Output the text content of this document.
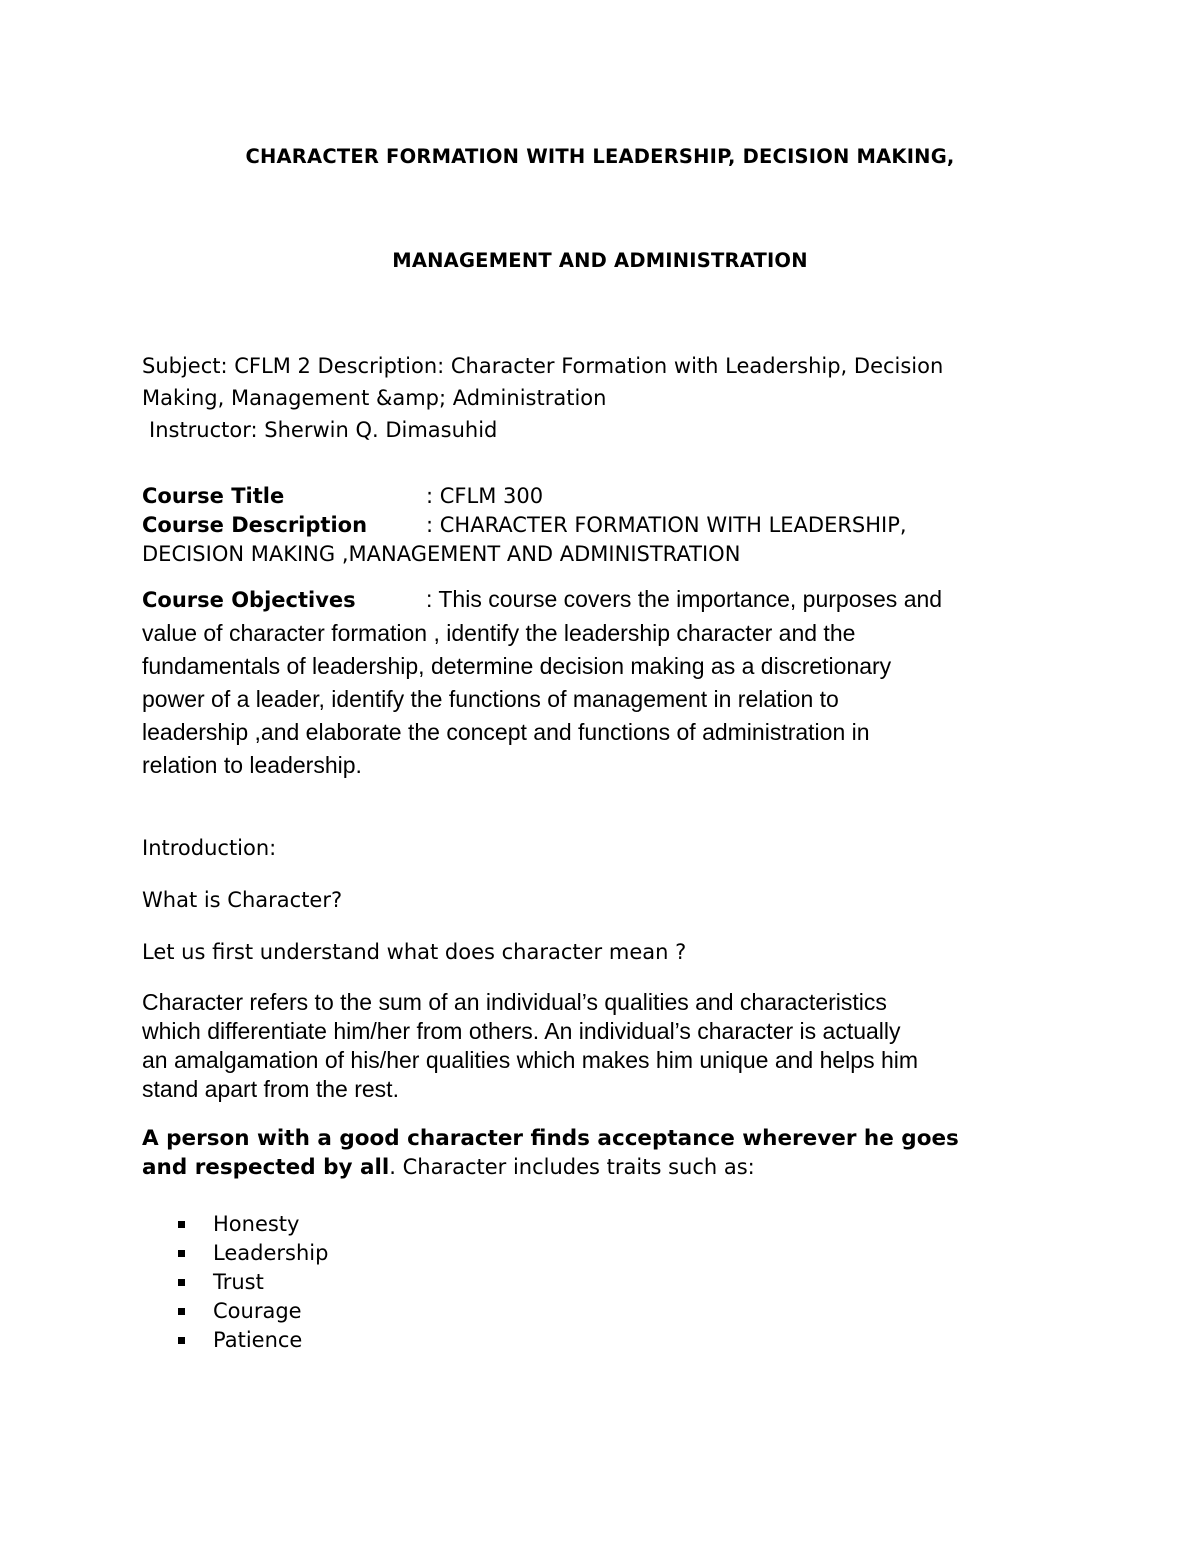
CHARACTER FORMATION WITH LEADERSHIP, DECISION MAKING,
MANAGEMENT AND ADMINISTRATION
Subject: CFLM 2 Description: Character Formation with Leadership, Decision
Making, Management &amp; Administration
Instructor: Sherwin Q. Dimasuhid
Course Title	: CFLM 300
Course Description	: CHARACTER FORMATION WITH LEADERSHIP,
DECISION MAKING ,MANAGEMENT AND ADMINISTRATION
Course Objectives	: This course covers the importance, purposes and
value of character formation , identify the leadership character and the
fundamentals of leadership, determine decision making as a discretionary
power of a leader, identify the functions of management in relation to
leadership ,and elaborate the concept and functions of administration in
relation to leadership.
Introduction:
What is Character?
Let us first understand what does character mean ?
Character refers to the sum of an individual’s qualities and characteristics
which differentiate him/her from others. An individual’s character is actually
an amalgamation of his/her qualities which makes him unique and helps him
stand apart from the rest.
A person with a good character finds acceptance wherever he goes
and respected by all. Character includes traits such as:
Honesty
Leadership
Trust
Courage
Patience
